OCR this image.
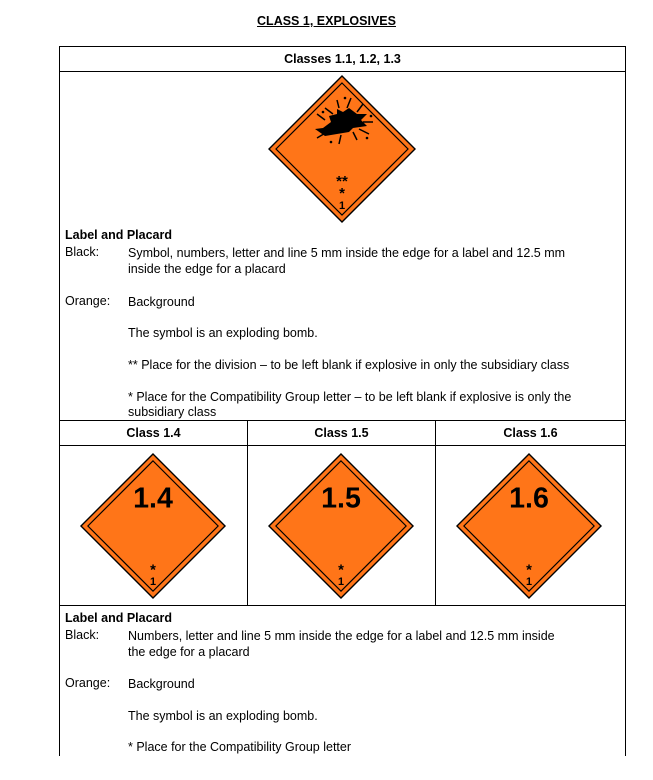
CLASS 1, EXPLOSIVES
Classes 1.1, 1.2, 1.3
**
*
1
Label and Placard
Black: Symbol, numbers, letter and line 5 mm inside the edge for a label and 12.5 mm
inside the edge for a placard
Orange: Background
The symbol is an exploding bomb.
** Place for the division – to be left blank if explosive in only the subsidiary class
* Place for the Compatibility Group letter – to be left blank if explosive is only the
subsidiary class
Class 1.4	Class 1.5	Class 1.6
1.4
*
1
1.5
*
1
1.6
*
1
Label and Placard
Black: Numbers, letter and line 5 mm inside the edge for a label and 12.5 mm inside
the edge for a placard
Orange: Background
The symbol is an exploding bomb.
* Place for the Compatibility Group letter
